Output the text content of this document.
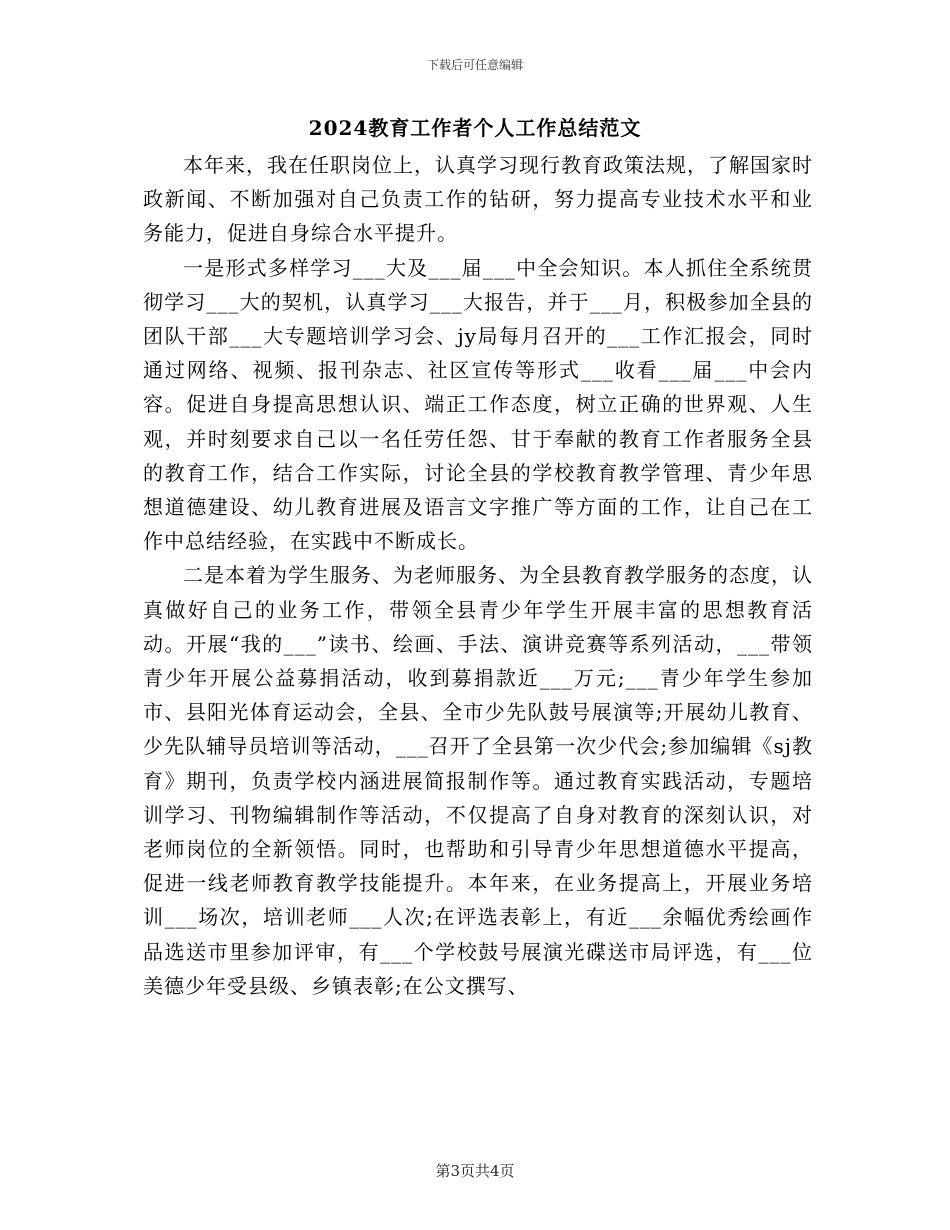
下载后可任意编辑
2024教育工作者个人工作总结范文

本年来，我在任职岗位上，认真学习现行教育政策法规，了解国家时政新闻、不断加强对自己负责工作的钻研，努力提高专业技术水平和业务能力，促进自身综合水平提升。

一是形式多样学习___大及___届___中全会知识。本人抓住全系统贯彻学习___大的契机，认真学习___大报告，并于___月，积极参加全县的团队干部___大专题培训学习会、jy局每月召开的___工作汇报会，同时通过网络、视频、报刊杂志、社区宣传等形式___收看___届___中会内容。促进自身提高思想认识、端正工作态度，树立正确的世界观、人生观，并时刻要求自己以一名任劳任怨、甘于奉献的教育工作者服务全县的教育工作，结合工作实际，讨论全县的学校教育教学管理、青少年思想道德建设、幼儿教育进展及语言文字推广等方面的工作，让自己在工作中总结经验，在实践中不断成长。

二是本着为学生服务、为老师服务、为全县教育教学服务的态度，认真做好自己的业务工作，带领全县青少年学生开展丰富的思想教育活动。开展“我的___”读书、绘画、手法、演讲竞赛等系列活动，___带领青少年开展公益募捐活动，收到募捐款近___万元;___青少年学生参加市、县阳光体育运动会，全县、全市少先队鼓号展演等;开展幼儿教育、少先队辅导员培训等活动，___召开了全县第一次少代会;参加编辑《sj教育》期刊，负责学校内涵进展简报制作等。通过教育实践活动，专题培训学习、刊物编辑制作等活动，不仅提高了自身对教育的深刻认识，对老师岗位的全新领悟。同时，也帮助和引导青少年思想道德水平提高，促进一线老师教育教学技能提升。本年来，在业务提高上，开展业务培训___场次，培训老师___人次;在评选表彰上，有近___余幅优秀绘画作品选送市里参加评审，有___个学校鼓号展演光碟送市局评选，有___位美德少年受县级、乡镇表彰;在公文撰写、

第3页共4页
